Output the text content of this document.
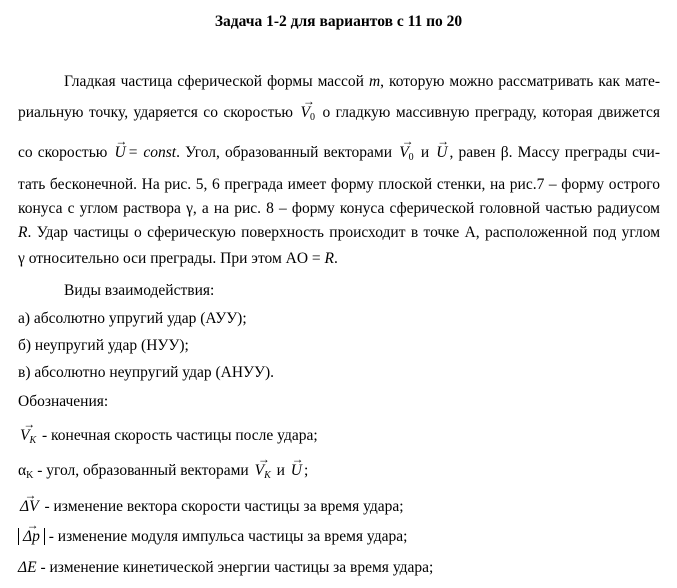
Задача 1-2 для вариантов с 11 по 20
Гладкая частица сферической формы массой m, которую можно рассматривать как мате-
риальную точку, ударяется со скоростью → V0 о гладкую массивную преграду, которая движется
со скоростью → U = const. Угол, образованный векторами → V0 и → U , равен β. Массу преграды счи-
тать бесконечной. На рис. 5, 6 преграда имеет форму плоской стенки, на рис.7 – форму острого
конуса с углом раствора γ, а на рис. 8 – форму конуса сферической головной частью радиусом
R. Удар частицы о сферическую поверхность происходит в точке A, расположенной под углом
γ относительно оси преграды. При этом AO = R.
Виды взаимодействия:
а) абсолютно упругий удар (АУУ);
б) неупругий удар (НУУ);
в) абсолютно неупругий удар (АНУУ).
Обозначения:
→ VK - конечная скорость частицы после удара;
αK - угол, образованный векторами → VK и → U ;
→ ΔV - изменение вектора скорости частицы за время удара;
→ Δp - изменение модуля импульса частицы за время удара;
ΔE - изменение кинетической энергии частицы за время удара;
